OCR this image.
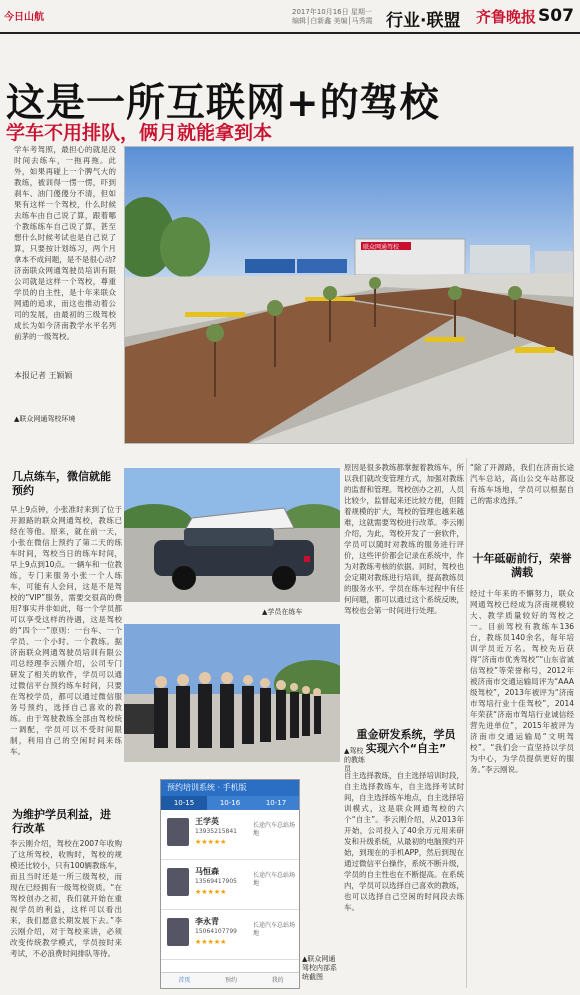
今日山航	2017年10月16日 星期一
编辑│白新鑫 美编│马秀霞 行业·联盟 齐鲁晚报 S07
这是一所互联网+的驾校
学车不用排队，俩月就能拿到本
学车考驾照，最担心的就是没时间去练车，一拖再拖。此外，如果再碰上一个脾气大的教练，被训得一愣一愣，吓到刹车、油门傻傻分不清，但如果有这样一个驾校，什么时候去练车由自己说了算，跟着哪个教练练车自己说了算，甚至想什么时候考试也是自己说了算，只要按计划练习，两个月拿本不成问题，是不是很心动?济南联众网通驾驶员培训有限公司就是这样一个驾校，尊重学员的自主性，是十年来联众网通的追求，而这也推动着公司的发展，由最初的三级驾校成长为如今济南教学水平名列前茅的一级驾校。
本报记者 王颖颖
▲联众网通驾校环境
联众网通驾校
几点练车，微信就能预约
早上9点钟，小张准时来到了位于开源路的联众网通驾校，教练已经在等他。原来，就在前一天，小张在微信上预约了第二天的练车时间，驾校当日的练车时间，早上9点到10点。一辆车和一位教练，专门来服务小张一个人练车，可能有人会问，这是不是驾校的“VIP”服务，需要交很高的费用?事实并非如此，每一个学员都可以享受这样的待遇，这是驾校的“四个一”原则：一台车、一个学员、一个小时、一个教练。据济南联众网通驾驶员培训有限公司总经理李云刚介绍，公司专门研发了相关的软件，学员可以通过微信平台预约练车时间，只要在驾校学员，都可以通过微信服务号预约，选择自己喜欢的教练。由于驾驶教练全部由驾校统一调配，学员可以不受时间限制，利用自己的空闲时间来练车。
为维护学员利益，进行改革
李云刚介绍，驾校在2007年收购了这所驾校，收购时，驾校的规模还比较小，只有100辆教练车，而且当时还是一所三级驾校，而现在已经拥有一级驾校资质。“在驾校创办之初，我们就开始在重视学员的利益，这样可以看出来，我们愿意长期发展下去。”李云刚介绍，对于驾校来讲，必须改变传统教学模式，学员按时来考试，不必浪费时间排队等待。
▲学员在练车
▲驾校的教练员
预约培训系统 · 手机版
10-15	10-16	10-17
王学英
13935215841
★★★★★
长途汽车总站场地
马恒森
13569417905
★★★★★
长途汽车总站场地
李永青
15064107799
★★★★★
长途汽车总站场地
首页	预约	我的
▲联众网通驾校内部系统截图
原因是很多教练都掌握着教练车，所以我们就改变管理方式，加强对教练的监督和管理。驾校创办之初，人员比较少，监督起来还比较方便，但随着规模的扩大，驾校的管理也越来越难，这就需要驾校进行改革。李云刚介绍，为此，驾校开发了一套软件，学员可以随时对教练的服务进行评价，这些评价都会记录在系统中，作为对教练考核的依据。同时，驾校也会定期对教练进行培训，提高教练员的服务水平。学员在练车过程中有任何问题，都可以通过这个系统反映，驾校也会第一时间进行处理。
重金研发系统，学员实现六个“自主”
自主选择教练，自主选择培训时段，自主选择教练车，自主选择考试时间，自主选择练车地点，自主选择培训模式，这是联众网通驾校的六个“自主”。李云刚介绍，从2013年开始，公司投入了40余万元用来研发和升级系统，从最初的电脑预约开始，到现在的手机APP，然后到现在通过微信平台操作，系统不断升级，学员的自主性也在不断提高。在系统内，学员可以选择自己喜欢的教练，也可以选择自己空闲的时间段去练车。
“除了开源路，我们在济南长途汽车总站，高山公交车站都设有练车场地，学员可以根据自己的需求选择。”
十年砥砺前行，荣誉满载
经过十年来的不懈努力，联众网通驾校已经成为济南规模较大、教学质量较好的驾校之一。目前驾校有教练车136台，教练员140余名，每年培训学员近万名。驾校先后获得“济南市优秀驾校”“山东省诚信驾校”等荣誉称号，2012年被济南市交通运输局评为“AAA级驾校”，2013年被评为“济南市驾培行业十佳驾校”，2014年荣获“济南市驾培行业诚信经营先进单位”，2015年被评为济南市交通运输局“文明驾校”。“我们会一直坚持以学员为中心，为学员提供更好的服务。”李云刚说。
